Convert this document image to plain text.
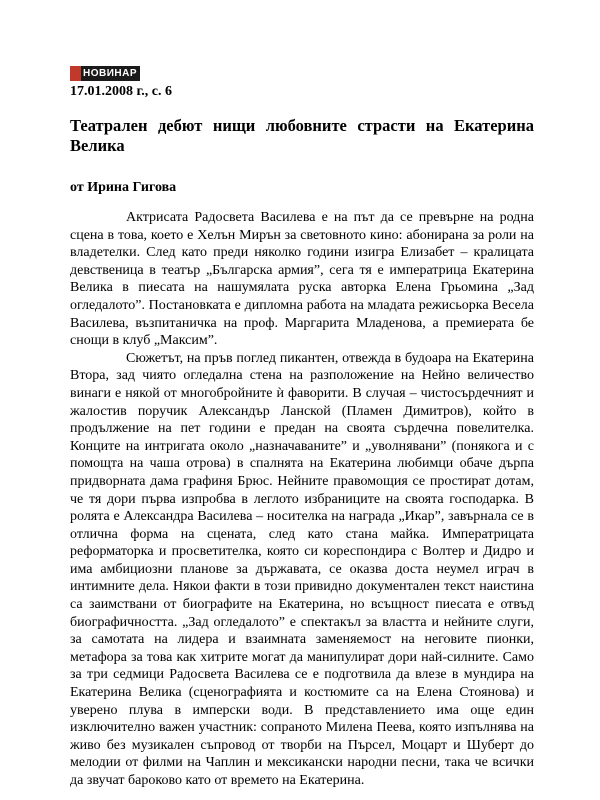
НОВИНАР
17.01.2008 г., с. 6
Театрален дебют нищи любовните страсти на Екатерина Велика
от Ирина Гигова

Актрисата Радосвета Василева е на път да се превърне на родна сцена в това, което е Хелън Мирън за световното кино: абонирана за роли на владетелки. След като преди няколко години изигра Елизабет – кралицата девственица в театър „Българска армия”, сега тя е императрица Екатерина Велика в пиесата на нашумялата руска авторка Елена Грьомина „Зад огледалото”. Постановката е дипломна работа на младата режисьорка Весела Василева, възпитаничка на проф. Маргарита Младенова, а премиерата бе снощи в клуб „Максим”.

Сюжетът, на пръв поглед пикантен, отвежда в будоара на Екатерина Втора, зад чиято огледална стена на разположение на Нейно величество винаги е някой от многобройните ѝ фаворити. В случая – чистосърдечният и жалостив поручик Александър Ланской (Пламен Димитров), който в продължение на пет години е предан на своята сърдечна повелителка. Конците на интригата около „назначаваните” и „уволнявани” (понякога и с помощта на чаша отрова) в спалнята на Екатерина любимци обаче дърпа придворната дама графиня Брюс. Нейните правомощия се простират дотам, че тя дори първа изпробва в леглото избраниците на своята господарка. В ролята е Александра Василева – носителка на награда „Икар”, завърнала се в отлична форма на сцената, след като стана майка. Императрицата реформаторка и просветителка, която си кореспондира с Волтер и Дидро и има амбициозни планове за държавата, се оказва доста неумел играч в интимните дела. Някои факти в този привидно документален текст наистина са заимствани от биографите на Екатерина, но всъщност пиесата е отвъд биографичността. „Зад огледалото” е спектакъл за властта и нейните слуги, за самотата на лидера и взаимната заменяемост на неговите пионки, метафора за това как хитрите могат да манипулират дори най-силните. Само за три седмици Радосвета Василева се е подготвила да влезе в мундира на Екатерина Велика (сценографията и костюмите са на Елена Стоянова) и уверено плува в имперски води. В представлението има още един изключително важен участник: сопраното Милена Пеева, която изпълнява на живо без музикален съпровод от творби на Пърсел, Моцарт и Шуберт до мелодии от филми на Чаплин и мексикански народни песни, така че всички да звучат бароково като от времето на Екатерина.
